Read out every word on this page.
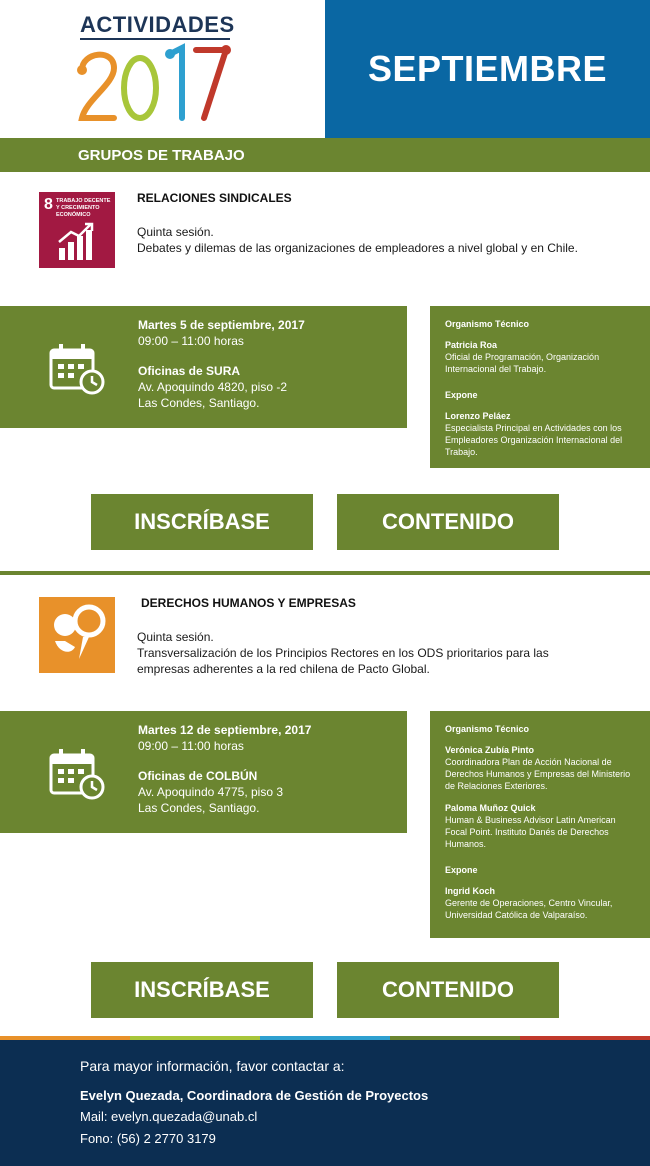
ACTIVIDADES
SEPTIEMBRE
GRUPOS DE TRABAJO
8 TRABAJO DECENTE Y CRECIMIENTO ECONÓMICO
RELACIONES SINDICALES
Quinta sesión.
Debates y dilemas de las organizaciones de empleadores a nivel global y en Chile.
Martes 5 de septiembre, 2017
09:00 – 11:00 horas
Oficinas de SURA
Av. Apoquindo 4820, piso -2
Las Condes, Santiago.
Organismo Técnico
Patricia Roa
Oficial de Programación, Organización Internacional del Trabajo.
Expone
Lorenzo Peláez
Especialista Principal en Actividades con los Empleadores Organización Internacional del Trabajo.
INSCRÍBASE	CONTENIDO
DERECHOS HUMANOS Y EMPRESAS
Quinta sesión.
Transversalización de los Principios Rectores en los ODS prioritarios para las
empresas adherentes a la red chilena de Pacto Global.
Martes 12 de septiembre, 2017
09:00 – 11:00 horas
Oficinas de COLBÚN
Av. Apoquindo 4775, piso 3
Las Condes, Santiago.
Organismo Técnico
Verónica Zubía Pinto
Coordinadora Plan de Acción Nacional de Derechos Humanos y Empresas del Ministerio de Relaciones Exteriores.
Paloma Muñoz Quick
Human & Business Advisor Latin American Focal Point. Instituto Danés de Derechos Humanos.
Expone
Ingrid Koch
Gerente de Operaciones, Centro Vincular, Universidad Católica de Valparaíso.
INSCRÍBASE	CONTENIDO
Para mayor información, favor contactar a:
Evelyn Quezada, Coordinadora de Gestión de Proyectos
Mail: evelyn.quezada@unab.cl
Fono: (56) 2 2770 3179
